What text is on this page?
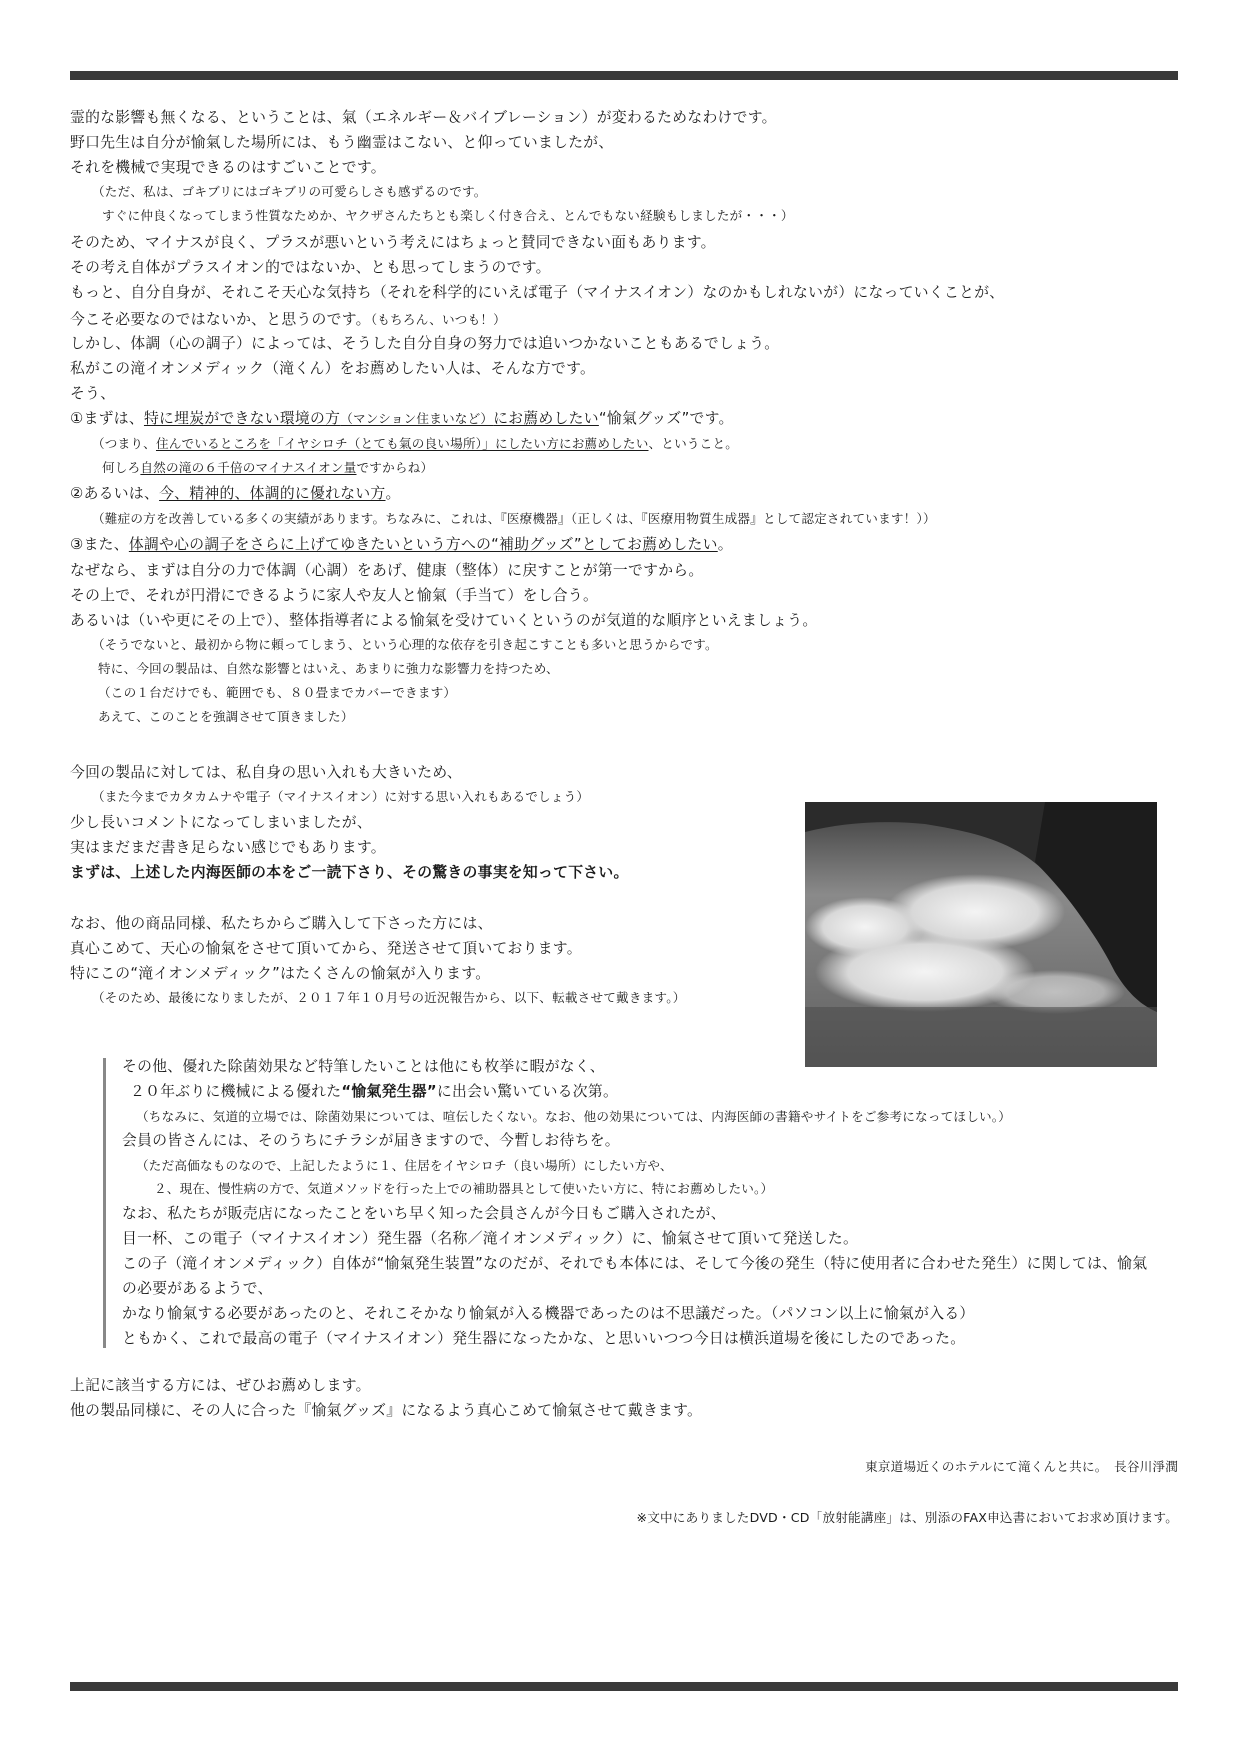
霊的な影響も無くなる、ということは、氣（エネルギー＆バイブレーション）が変わるためなわけです。
野口先生は自分が愉氣した場所には、もう幽霊はこない、と仰っていましたが、
それを機械で実現できるのはすごいことです。
（ただ、私は、ゴキブリにはゴキブリの可愛らしさも感ずるのです。
すぐに仲良くなってしまう性質なためか、ヤクザさんたちとも楽しく付き合え、とんでもない経験もしましたが・・・）
そのため、マイナスが良く、プラスが悪いという考えにはちょっと賛同できない面もあります。
その考え自体がプラスイオン的ではないか、とも思ってしまうのです。
もっと、自分自身が、それこそ天心な気持ち（それを科学的にいえば電子（マイナスイオン）なのかもしれないが）になっていくことが、
今こそ必要なのではないか、と思うのです。（もちろん、いつも！）
しかし、体調（心の調子）によっては、そうした自分自身の努力では追いつかないこともあるでしょう。
私がこの滝イオンメディック（滝くん）をお薦めしたい人は、そんな方です。
そう、
①まずは、特に埋炭ができない環境の方（マンション住まいなど）にお薦めしたい“愉氣グッズ”です。
（つまり、住んでいるところを「イヤシロチ（とても氣の良い場所）」にしたい方にお薦めしたい、ということ。
何しろ自然の滝の６千倍のマイナスイオン量ですからね）
②あるいは、今、精神的、体調的に優れない方。
（難症の方を改善している多くの実績があります。ちなみに、これは、『医療機器』（正しくは、『医療用物質生成器』として認定されています！））
③また、体調や心の調子をさらに上げてゆきたいという方への“補助グッズ”としてお薦めしたい。
なぜなら、まずは自分の力で体調（心調）をあげ、健康（整体）に戻すことが第一ですから。
その上で、それが円滑にできるように家人や友人と愉氣（手当て）をし合う。
あるいは（いや更にその上で）、整体指導者による愉氣を受けていくというのが気道的な順序といえましょう。
（そうでないと、最初から物に頼ってしまう、という心理的な依存を引き起こすことも多いと思うからです。
特に、今回の製品は、自然な影響とはいえ、あまりに強力な影響力を持つため、
（この１台だけでも、範囲でも、８０畳までカバーできます）
あえて、このことを強調させて頂きました）
今回の製品に対しては、私自身の思い入れも大きいため、
（また今までカタカムナや電子（マイナスイオン）に対する思い入れもあるでしょう）
少し長いコメントになってしまいましたが、
実はまだまだ書き足らない感じでもあります。
まずは、上述した内海医師の本をご一読下さり、その驚きの事実を知って下さい。
なお、他の商品同様、私たちからご購入して下さった方には、
真心こめて、天心の愉氣をさせて頂いてから、発送させて頂いております。
特にこの“滝イオンメディック”はたくさんの愉氣が入ります。
（そのため、最後になりましたが、２０１７年１０月号の近況報告から、以下、転載させて戴きます。）
その他、優れた除菌効果など特筆したいことは他にも枚挙に暇がなく、
２０年ぶりに機械による優れた“愉氣発生器”に出会い驚いている次第。
（ちなみに、気道的立場では、除菌効果については、喧伝したくない。なお、他の効果については、内海医師の書籍やサイトをご参考になってほしい。）
会員の皆さんには、そのうちにチラシが届きますので、今暫しお待ちを。
（ただ高価なものなので、上記したように１、住居をイヤシロチ（良い場所）にしたい方や、
２、現在、慢性病の方で、気道メソッドを行った上での補助器具として使いたい方に、特にお薦めしたい。）
なお、私たちが販売店になったことをいち早く知った会員さんが今日もご購入されたが、
目一杯、この電子（マイナスイオン）発生器（名称／滝イオンメディック）に、愉氣させて頂いて発送した。
この子（滝イオンメディック）自体が“愉氣発生装置”なのだが、それでも本体には、そして今後の発生（特に使用者に合わせた発生）に関しては、愉氣
の必要があるようで、
かなり愉氣する必要があったのと、それこそかなり愉氣が入る機器であったのは不思議だった。（パソコン以上に愉氣が入る）
ともかく、これで最高の電子（マイナスイオン）発生器になったかな、と思いいつつ今日は横浜道場を後にしたのであった。
上記に該当する方には、ぜひお薦めします。
他の製品同様に、その人に合った『愉氣グッズ』になるよう真心こめて愉氣させて戴きます。
東京道場近くのホテルにて滝くんと共に。　長谷川淨潤
※文中にありましたDVD・CD「放射能講座」は、別添のFAX申込書においてお求め頂けます。
